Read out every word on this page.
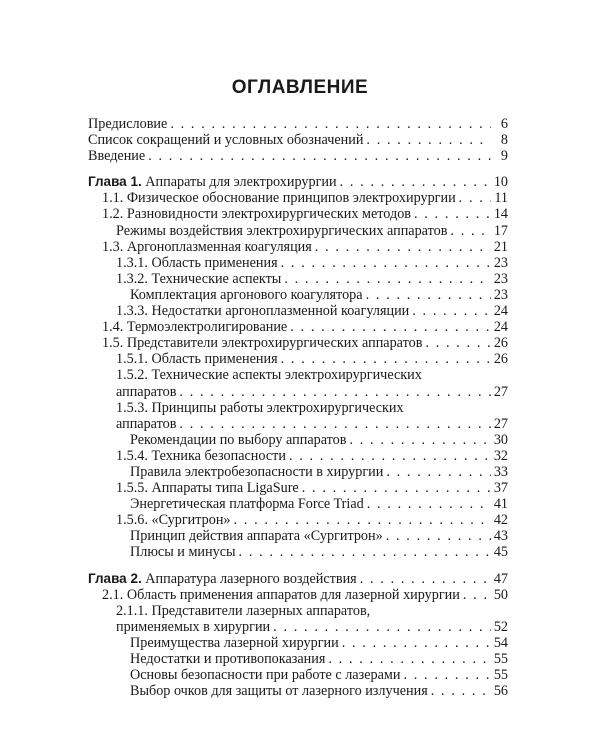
ОГЛАВЛЕНИЕ
Предисловие . . .	6
Список сокращений и условных обозначений . . .	8
Введение . . .	9
Глава 1. Аппараты для электрохирургии . . .	10
1.1. Физическое обоснование принципов электрохирургии . . .	11
1.2. Разновидности электрохирургических методов . . .	14
Режимы воздействия электрохирургических аппаратов . . .	17
1.3. Аргоноплазменная коагуляция . . .	21
1.3.1. Область применения . . .	23
1.3.2. Технические аспекты . . .	23
Комплектация аргонового коагулятора . . .	23
1.3.3. Недостатки аргоноплазменной коагуляции . . .	24
1.4. Термоэлектролигирование . . .	24
1.5. Представители электрохирургических аппаратов . . .	26
1.5.1. Область применения . . .	26
1.5.2. Технические аспекты электрохирургических
аппаратов . . .	27
1.5.3. Принципы работы электрохирургических
аппаратов . . .	27
Рекомендации по выбору аппаратов . . .	30
1.5.4. Техника безопасности . . .	32
Правила электробезопасности в хирургии . . .	33
1.5.5. Аппараты типа LigaSure . . .	37
Энергетическая платформа Force Triad . . .	41
1.5.6. «Сургитрон» . . .	42
Принцип действия аппарата «Сургитрон» . . .	43
Плюсы и минусы . . .	45
Глава 2. Аппаратура лазерного воздействия . . .	47
2.1. Область применения аппаратов для лазерной хирургии . . . 50
2.1.1. Представители лазерных аппаратов,
применяемых в хирургии . . .	52
Преимущества лазерной хирургии . . .	54
Недостатки и противопоказания . . .	55
Основы безопасности при работе с лазерами . . .	55
Выбор очков для защиты от лазерного излучения . . .	56
